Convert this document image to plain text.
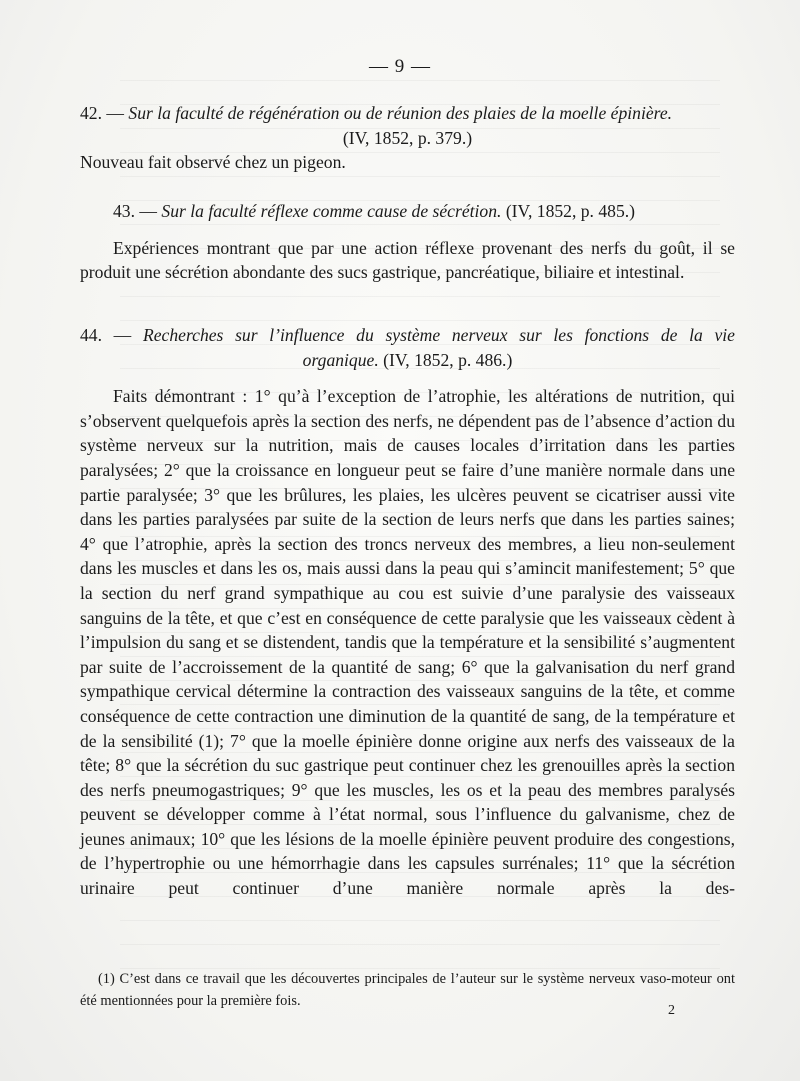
— 9 —
42. — Sur la faculté de régénération ou de réunion des plaies de la moelle épinière.
(IV, 1852, p. 379.)
Nouveau fait observé chez un pigeon.
43. — Sur la faculté réflexe comme cause de sécrétion. (IV, 1852, p. 485.)
Expériences montrant que par une action réflexe provenant des nerfs du goût, il se produit une sécrétion abondante des sucs gastrique, pancréatique, biliaire et intestinal.
44. — Recherches sur l’influence du système nerveux sur les fonctions de la vie
organique. (IV, 1852, p. 486.)
Faits démontrant : 1° qu’à l’exception de l’atrophie, les altérations de nutrition, qui s’observent quelquefois après la section des nerfs, ne dépendent pas de l’absence d’action du système nerveux sur la nutrition, mais de causes locales d’irritation dans les parties paralysées; 2° que la croissance en longueur peut se faire d’une manière normale dans une partie paralysée; 3° que les brûlures, les plaies, les ulcères peuvent se cicatriser aussi vite dans les parties paralysées par suite de la section de leurs nerfs que dans les parties saines; 4° que l’atrophie, après la section des troncs nerveux des membres, a lieu non-seulement dans les muscles et dans les os, mais aussi dans la peau qui s’amincit manifestement; 5° que la section du nerf grand sympathique au cou est suivie d’une paralysie des vaisseaux sanguins de la tête, et que c’est en conséquence de cette paralysie que les vaisseaux cèdent à l’impulsion du sang et se distendent, tandis que la température et la sensibilité s’augmentent par suite de l’accroissement de la quantité de sang; 6° que la galvanisation du nerf grand sympathique cervical détermine la contraction des vaisseaux sanguins de la tête, et comme conséquence de cette contraction une diminution de la quantité de sang, de la température et de la sensibilité (1); 7° que la moelle épinière donne origine aux nerfs des vaisseaux de la tête; 8° que la sécrétion du suc gastrique peut continuer chez les grenouilles après la section des nerfs pneumogastriques; 9° que les muscles, les os et la peau des membres paralysés peuvent se développer comme à l’état normal, sous l’influence du galvanisme, chez de jeunes animaux; 10° que les lésions de la moelle épinière peuvent produire des congestions, de l’hypertrophie ou une hémorrhagie dans les capsules surrénales; 11° que la sécrétion urinaire peut continuer d’une manière normale après la des-
(1) C’est dans ce travail que les découvertes principales de l’auteur sur le système nerveux vaso-moteur ont été mentionnées pour la première fois.
2
